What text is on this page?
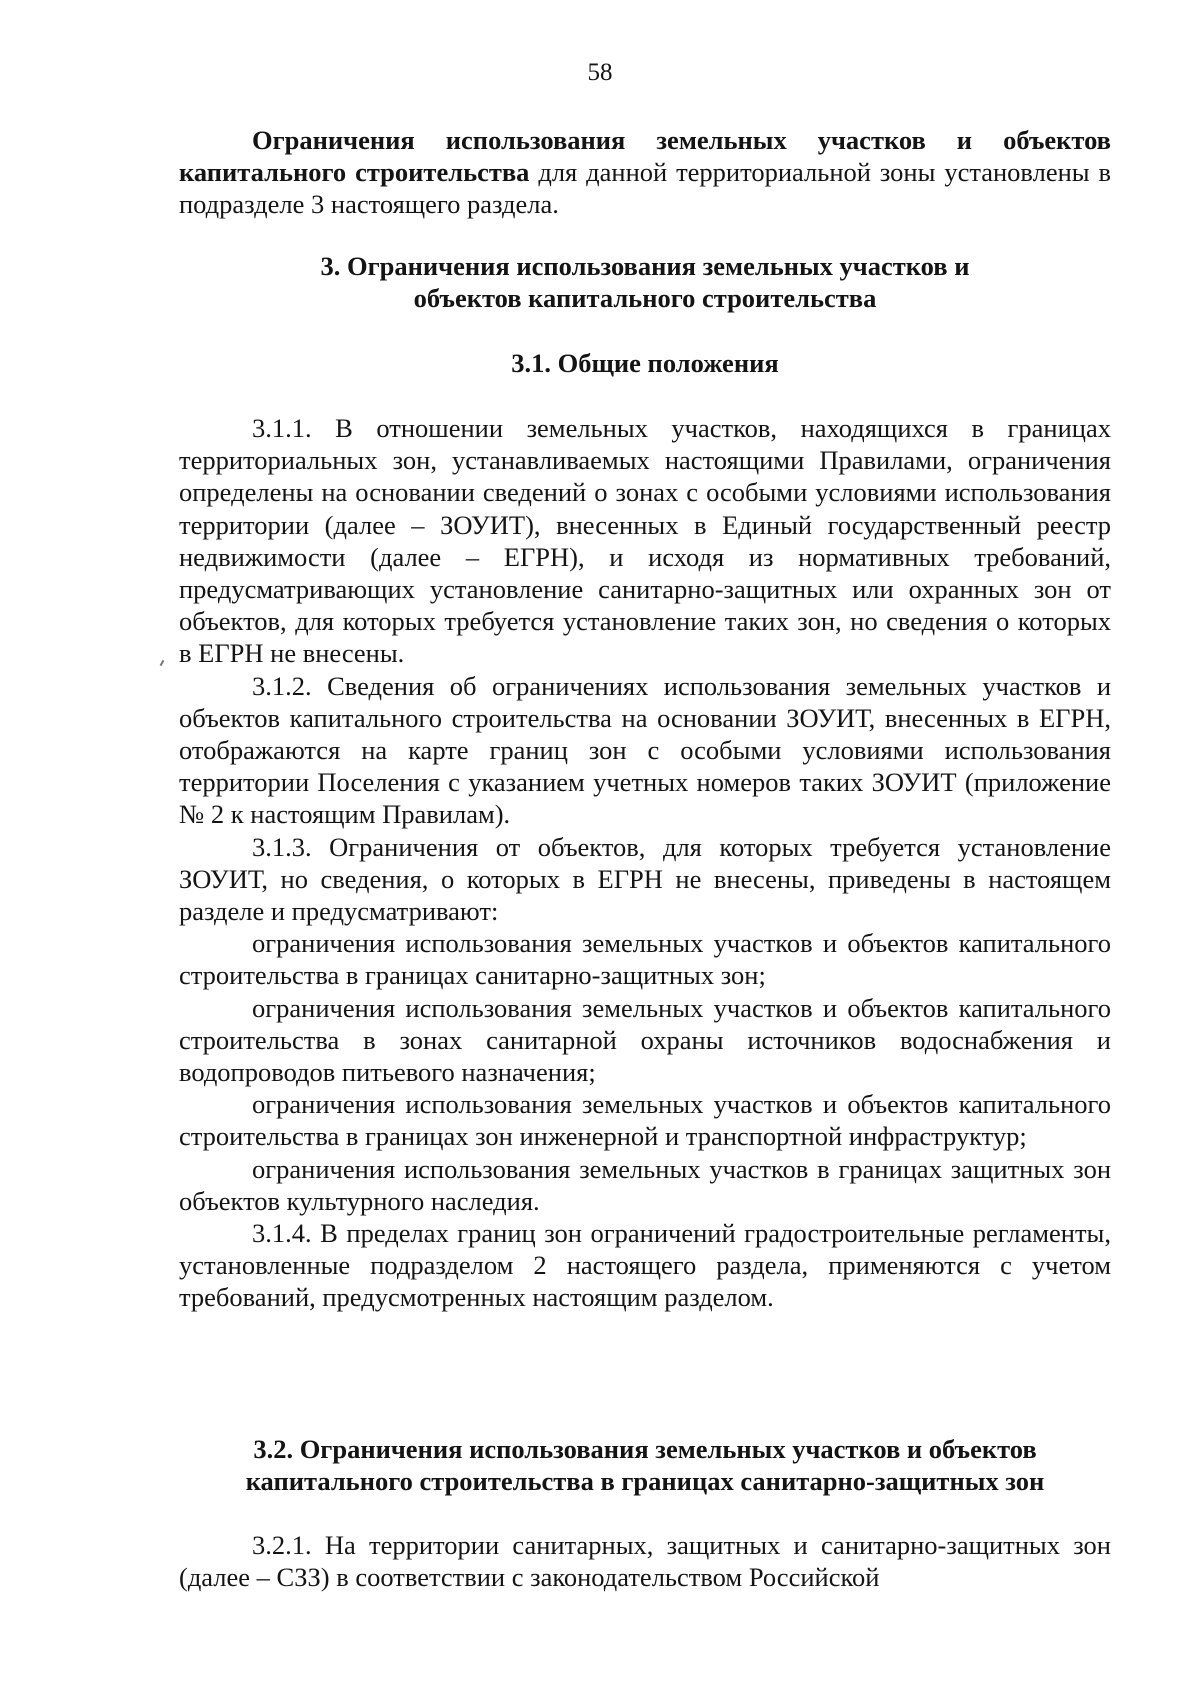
58

Ограничения использования земельных участков и объектов капитального строительства для данной территориальной зоны установлены в подразделе 3 настоящего раздела.

3. Ограничения использования земельных участков и объектов капитального строительства
3.1. Общие положения

3.1.1. В отношении земельных участков, находящихся в границах территориальных зон, устанавливаемых настоящими Правилами, ограничения определены на основании сведений о зонах с особыми условиями использования территории (далее – ЗОУИТ), внесенных в Единый государственный реестр недвижимости (далее – ЕГРН), и исходя из нормативных требований, предусматривающих установление санитарно-защитных или охранных зон от объектов, для которых требуется установление таких зон, но сведения о которых в ЕГРН не внесены.

3.1.2. Сведения об ограничениях использования земельных участков и объектов капитального строительства на основании ЗОУИТ, внесенных в ЕГРН, отображаются на карте границ зон с особыми условиями использования территории Поселения с указанием учетных номеров таких ЗОУИТ (приложение № 2 к настоящим Правилам).

3.1.3. Ограничения от объектов, для которых требуется установление ЗОУИТ, но сведения, о которых в ЕГРН не внесены, приведены в настоящем разделе и предусматривают:

ограничения использования земельных участков и объектов капитального строительства в границах санитарно-защитных зон;

ограничения использования земельных участков и объектов капитального строительства в зонах санитарной охраны источников водоснабжения и водопроводов питьевого назначения;

ограничения использования земельных участков и объектов капитального строительства в границах зон инженерной и транспортной инфраструктур;

ограничения использования земельных участков в границах защитных зон объектов культурного наследия.

3.1.4. В пределах границ зон ограничений градостроительные регламенты, установленные подразделом 2 настоящего раздела, применяются с учетом требований, предусмотренных настоящим разделом.

3.2. Ограничения использования земельных участков и объектов капитального строительства в границах санитарно-защитных зон

3.2.1. На территории санитарных, защитных и санитарно-защитных зон (далее – СЗЗ) в соответствии с законодательством Российской
